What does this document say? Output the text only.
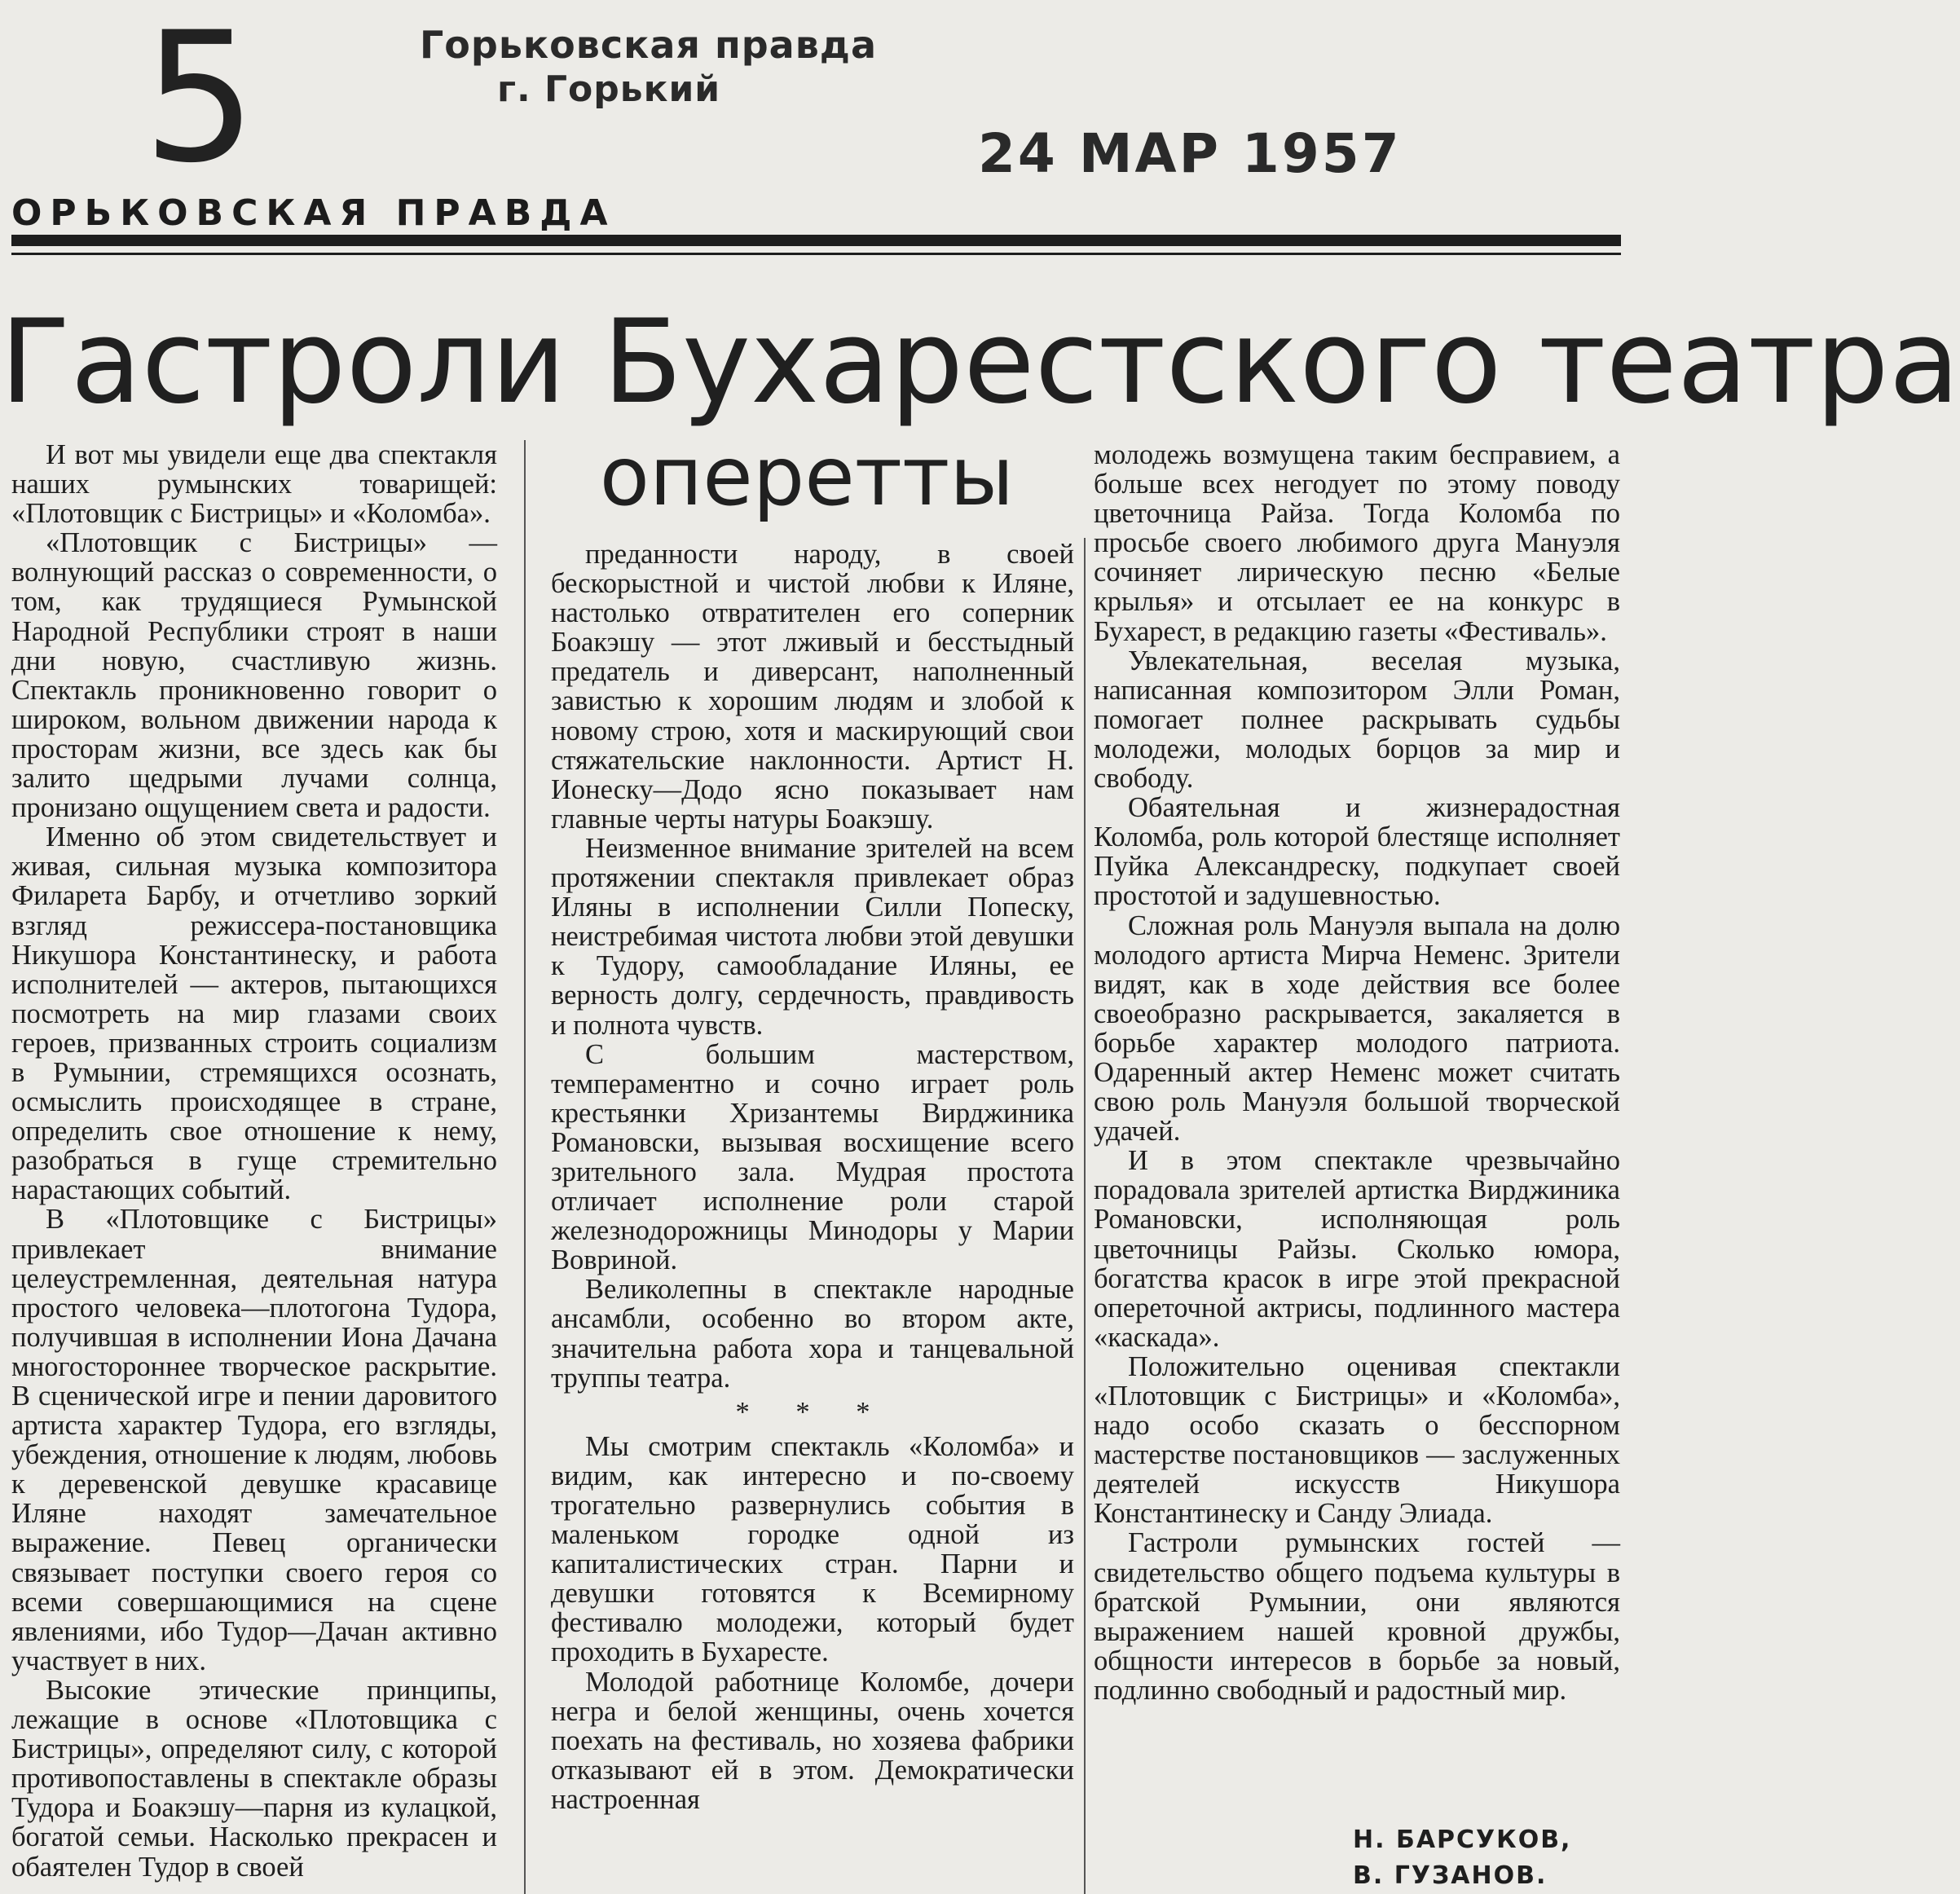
5	Горьковская правда
г. Горький
24 МАР 1957
ОРЬКОВСКАЯ ПРАВДА
Гастроли Бухарестского театра
оперетты

И вот мы увидели еще два спектакля наших румынских товарищей: «Плотовщик с Бистрицы» и «Коломба».

«Плотовщик с Бистрицы» — волнующий рассказ о современности, о том, как трудящиеся Румынской Народной Республики строят в наши дни новую, счастливую жизнь. Спектакль проникновенно говорит о широком, вольном движении народа к просторам жизни, все здесь как бы залито щедрыми лучами солнца, пронизано ощущением света и радости.

Именно об этом свидетельствует и живая, сильная музыка композитора Филарета Барбу, и отчетливо зоркий взгляд режиссера-постановщика Никушора Константинеску, и работа исполнителей — актеров, пытающихся посмотреть на мир глазами своих героев, призванных строить социализм в Румынии, стремящихся осознать, осмыслить происходящее в стране, определить свое отношение к нему, разобраться в гуще стремительно нарастающих событий.

В «Плотовщике с Бистрицы» привлекает внимание целеустремленная, деятельная натура простого человека—плотогона Тудора, получившая в исполнении Иона Дачана многостороннее творческое раскрытие. В сценической игре и пении даровитого артиста характер Тудора, его взгляды, убеждения, отношение к людям, любовь к деревенской девушке красавице Иляне находят замечательное выражение. Певец органически связывает поступки своего героя со всеми совершающимися на сцене явлениями, ибо Тудор—Дачан активно участвует в них.

Высокие этические принципы, лежащие в основе «Плотовщика с Бистрицы», определяют силу, с которой противопоставлены в спектакле образы Тудора и Боакэшу—парня из кулацкой, богатой семьи. Насколько прекрасен и обаятелен Тудор в своей

преданности народу, в своей бескорыстной и чистой любви к Иляне, настолько отвратителен его соперник Боакэшу — этот лживый и бесстыдный предатель и диверсант, наполненный завистью к хорошим людям и злобой к новому строю, хотя и маскирующий свои стяжательские наклонности. Артист Н. Ионеску—Додо ясно показывает нам главные черты натуры Боакэшу.

Неизменное внимание зрителей на всем протяжении спектакля привлекает образ Иляны в исполнении Силли Попеску, неистребимая чистота любви этой девушки к Тудору, самообладание Иляны, ее верность долгу, сердечность, правдивость и полнота чувств.

С большим мастерством, темпераментно и сочно играет роль крестьянки Хризантемы Вирджиника Романовски, вызывая восхищение всего зрительного зала. Мудрая простота отличает исполнение роли старой железнодорожницы Минодоры у Марии Вовриной.

Великолепны в спектакле народные ансамбли, особенно во втором акте, значительна работа хора и танцевальной труппы театра.

* * *

Мы смотрим спектакль «Коломба» и видим, как интересно и по-своему трогательно развернулись события в маленьком городке одной из капиталистических стран. Парни и девушки готовятся к Всемирному фестивалю молодежи, который будет проходить в Бухаресте.

Молодой работнице Коломбе, дочери негра и белой женщины, очень хочется поехать на фестиваль, но хозяева фабрики отказывают ей в этом. Демократически настроенная

молодежь возмущена таким бесправием, а больше всех негодует по этому поводу цветочница Райза. Тогда Коломба по просьбе своего любимого друга Мануэля сочиняет лирическую песню «Белые крылья» и отсылает ее на конкурс в Бухарест, в редакцию газеты «Фестиваль».

Увлекательная, веселая музыка, написанная композитором Элли Роман, помогает полнее раскрывать судьбы молодежи, молодых борцов за мир и свободу.

Обаятельная и жизнерадостная Коломба, роль которой блестяще исполняет Пуйка Александреску, подкупает своей простотой и задушевностью.

Сложная роль Мануэля выпала на долю молодого артиста Мирча Неменс. Зрители видят, как в ходе действия все более своеобразно раскрывается, закаляется в борьбе характер молодого патриота. Одаренный актер Неменс может считать свою роль Мануэля большой творческой удачей.

И в этом спектакле чрезвычайно порадовала зрителей артистка Вирджиника Романовски, исполняющая роль цветочницы Райзы. Сколько юмора, богатства красок в игре этой прекрасной опереточной актрисы, подлинного мастера «каскада».

Положительно оценивая спектакли «Плотовщик с Бистрицы» и «Коломба», надо особо сказать о бесспорном мастерстве постановщиков — заслуженных деятелей искусств Никушора Константинеску и Санду Элиада.

Гастроли румынских гостей — свидетельство общего подъема культуры в братской Румынии, они являются выражением нашей кровной дружбы, общности интересов в борьбе за новый, подлинно свободный и радостный мир.

Н. БАРСУКОВ,
В. ГУЗАНОВ.
